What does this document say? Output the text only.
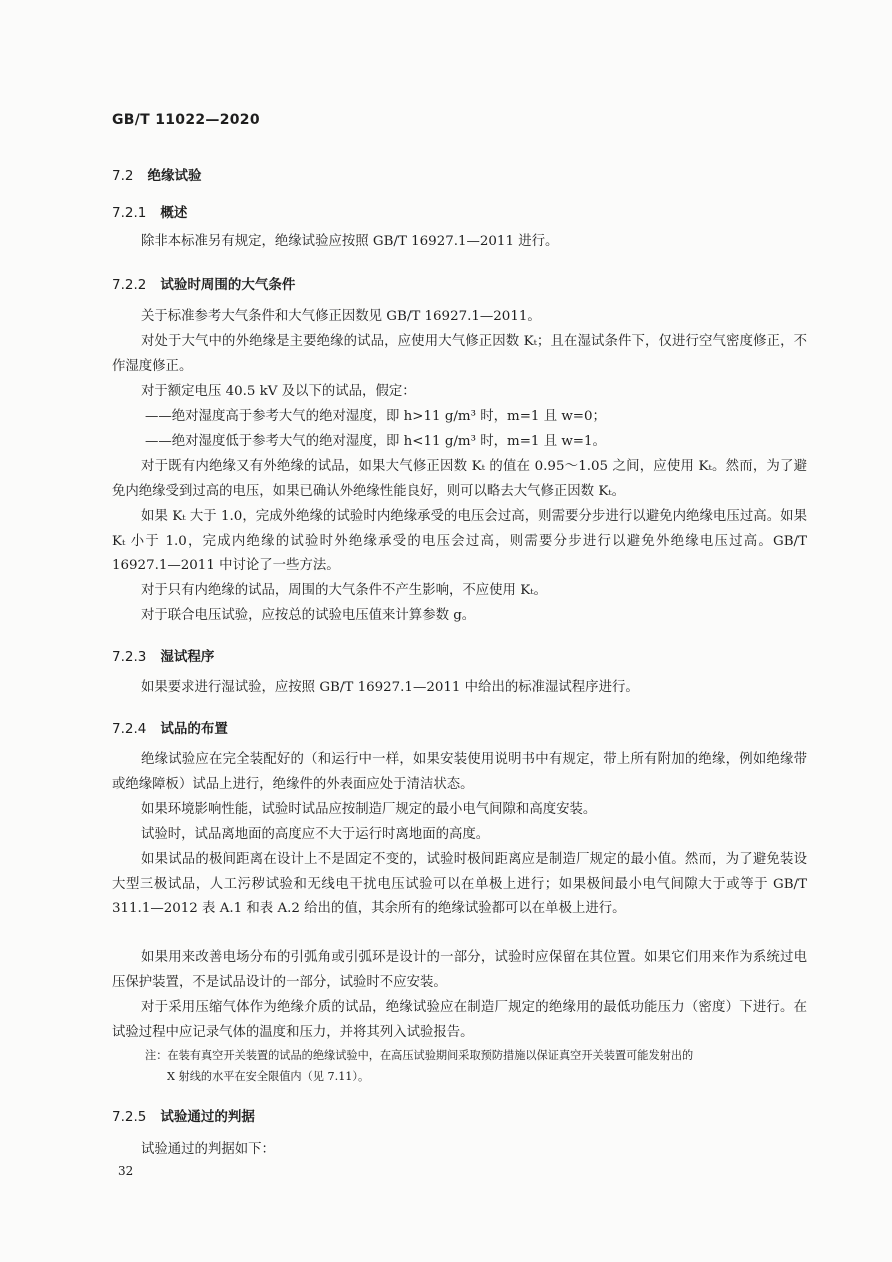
GB/T 11022—2020
7.2 绝缘试验
7.2.1 概述
除非本标准另有规定，绝缘试验应按照 GB/T 16927.1—2011 进行。
7.2.2 试验时周围的大气条件
关于标准参考大气条件和大气修正因数见 GB/T 16927.1—2011。
对处于大气中的外绝缘是主要绝缘的试品，应使用大气修正因数 Kₜ；且在湿试条件下，仅进行空气密度修正，不作湿度修正。
对于额定电压 40.5 kV 及以下的试品，假定：
——绝对湿度高于参考大气的绝对湿度，即 h>11 g/m³ 时，m=1 且 w=0；
——绝对湿度低于参考大气的绝对湿度，即 h<11 g/m³ 时，m=1 且 w=1。
对于既有内绝缘又有外绝缘的试品，如果大气修正因数 Kₜ 的值在 0.95～1.05 之间，应使用 Kₜ。然而，为了避免内绝缘受到过高的电压，如果已确认外绝缘性能良好，则可以略去大气修正因数 Kₜ。
如果 Kₜ 大于 1.0，完成外绝缘的试验时内绝缘承受的电压会过高，则需要分步进行以避免内绝缘电压过高。如果 Kₜ 小于 1.0，完成内绝缘的试验时外绝缘承受的电压会过高，则需要分步进行以避免外绝缘电压过高。GB/T 16927.1—2011 中讨论了一些方法。
对于只有内绝缘的试品，周围的大气条件不产生影响，不应使用 Kₜ。
对于联合电压试验，应按总的试验电压值来计算参数 g。
7.2.3 湿试程序
如果要求进行湿试验，应按照 GB/T 16927.1—2011 中给出的标准湿试程序进行。
7.2.4 试品的布置
绝缘试验应在完全装配好的（和运行中一样，如果安装使用说明书中有规定，带上所有附加的绝缘，例如绝缘带或绝缘障板）试品上进行，绝缘件的外表面应处于清洁状态。
如果环境影响性能，试验时试品应按制造厂规定的最小电气间隙和高度安装。
试验时，试品离地面的高度应不大于运行时离地面的高度。
如果试品的极间距离在设计上不是固定不变的，试验时极间距离应是制造厂规定的最小值。然而，为了避免装设大型三极试品，人工污秽试验和无线电干扰电压试验可以在单极上进行；如果极间最小电气间隙大于或等于 GB/T 311.1—2012 表 A.1 和表 A.2 给出的值，其余所有的绝缘试验都可以在单极上进行。
如果用来改善电场分布的引弧角或引弧环是设计的一部分，试验时应保留在其位置。如果它们用来作为系统过电压保护装置，不是试品设计的一部分，试验时不应安装。
对于采用压缩气体作为绝缘介质的试品，绝缘试验应在制造厂规定的绝缘用的最低功能压力（密度）下进行。在试验过程中应记录气体的温度和压力，并将其列入试验报告。
注：在装有真空开关装置的试品的绝缘试验中，在高压试验期间采取预防措施以保证真空开关装置可能发射出的
X 射线的水平在安全限值内（见 7.11）。
7.2.5 试验通过的判据
试验通过的判据如下：
32
